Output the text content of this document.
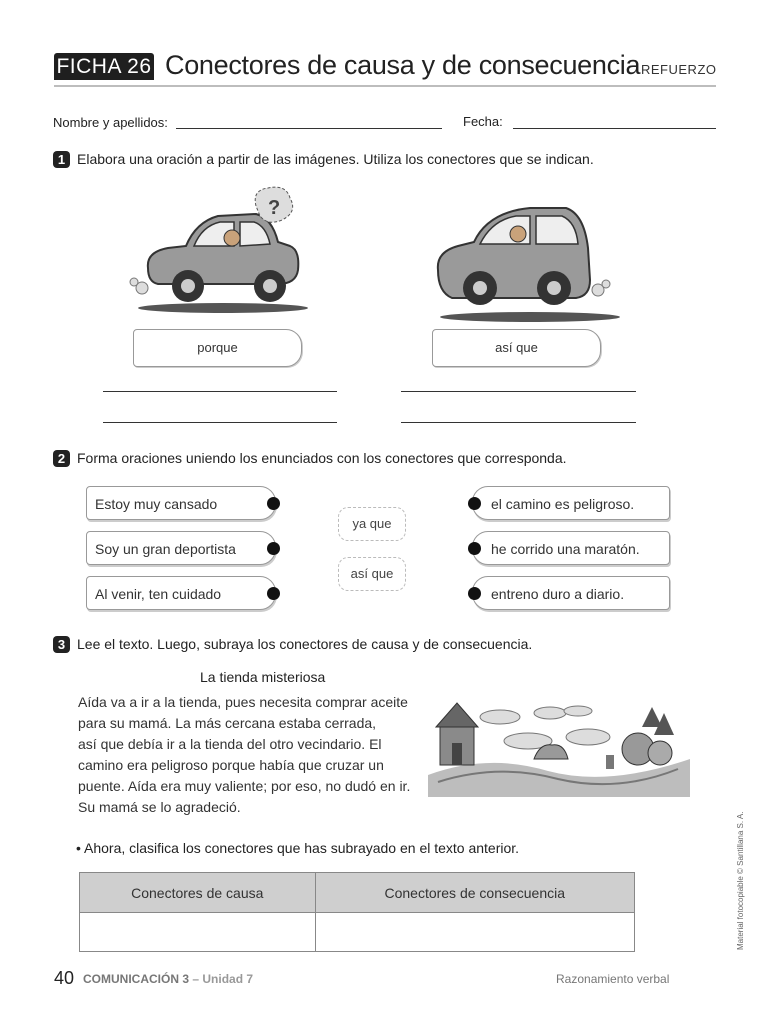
FICHA 26 Conectores de causa y de consecuencia REFUERZO
Nombre y apellidos:	Fecha:
1 Elabora una oración a partir de las imágenes. Utiliza los conectores que se indican.
?
porque	así que
2 Forma oraciones uniendo los enunciados con los conectores que corresponda.
Estoy muy cansado
Soy un gran deportista
Al venir, ten cuidado
ya que
así que
el camino es peligroso.
he corrido una maratón.
entreno duro a diario.
3 Lee el texto. Luego, subraya los conectores de causa y de consecuencia.
La tienda misteriosa
Aída va a ir a la tienda, pues necesita comprar aceite
para su mamá. La más cercana estaba cerrada,
así que debía ir a la tienda del otro vecindario. El
camino era peligroso porque había que cruzar un
puente. Aída era muy valiente; por eso, no dudó en ir.
Su mamá se lo agradeció.
• Ahora, clasifica los conectores que has subrayado en el texto anterior.
Conectores de causa	Conectores de consecuencia

40 COMUNICACIÓN 3 – Unidad 7	Razonamiento verbal
Material fotocopiable © Santillana S. A.
